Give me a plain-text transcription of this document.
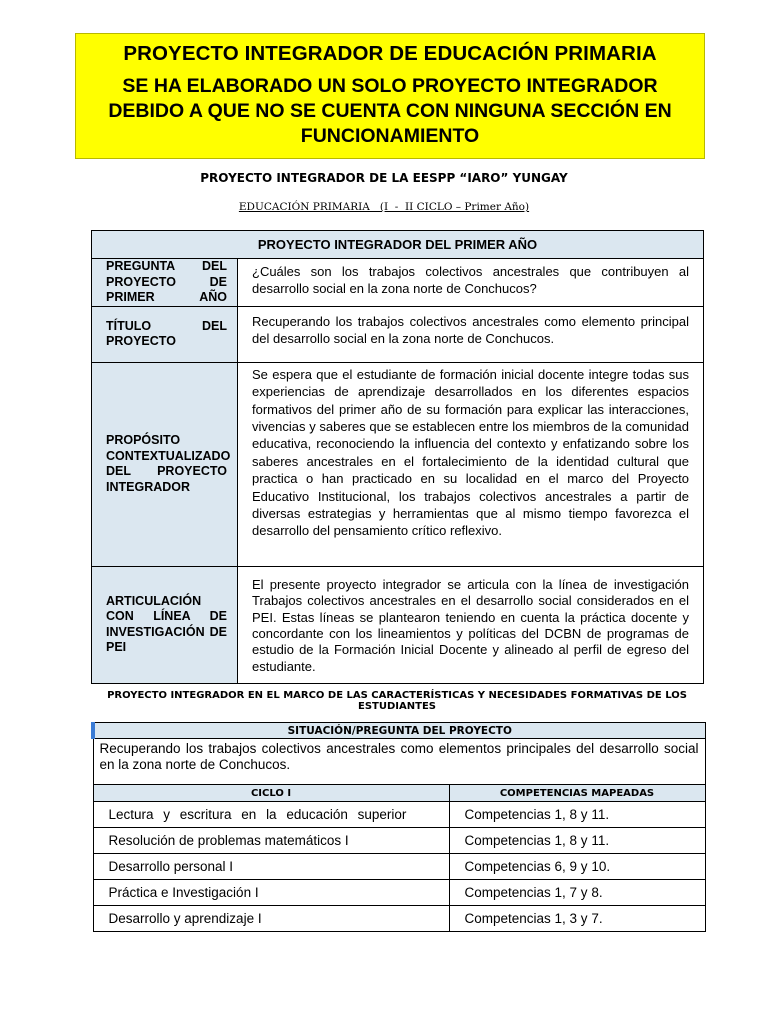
PROYECTO INTEGRADOR DE EDUCACIÓN PRIMARIA
SE HA ELABORADO UN SOLO PROYECTO INTEGRADOR
DEBIDO A QUE NO SE CUENTA CON NINGUNA SECCIÓN EN
FUNCIONAMIENTO
PROYECTO INTEGRADOR DE LA EESPP “IARO” YUNGAY
EDUCACIÓN PRIMARIA   (I  -  II CICLO – Primer Año)
PROYECTO INTEGRADOR DEL PRIMER AÑO	
PREGUNTA DEL PROYECTO DE PRIMER AÑO	¿Cuáles son los trabajos colectivos ancestrales que contribuyen al desarrollo social en la zona norte de Conchucos?
TÍTULO DEL PROYECTO	Recuperando los trabajos colectivos ancestrales como elemento principal del desarrollo social en la zona norte de Conchucos.
PROPÓSITO CONTEXTUALIZADO DEL PROYECTO INTEGRADOR	Se espera que el estudiante de formación inicial docente integre todas sus experiencias de aprendizaje desarrollados en los diferentes espacios formativos del primer año de su formación para explicar las interacciones, vivencias y saberes que se establecen entre los miembros de la comunidad educativa, reconociendo la influencia del contexto y enfatizando sobre los saberes ancestrales en el fortalecimiento de la identidad cultural que practica o han practicado en su localidad en el marco del Proyecto Educativo Institucional, los trabajos colectivos ancestrales a partir de diversas estrategias y herramientas que al mismo tiempo favorezca el desarrollo del pensamiento crítico reflexivo.
ARTICULACIÓN CON LÍNEA DE INVESTIGACIÓN DE PEI	El presente proyecto integrador se articula con la línea de investigación Trabajos colectivos ancestrales en el desarrollo social considerados en el PEI. Estas líneas se plantearon teniendo en cuenta la práctica docente y concordante con los lineamientos y políticas del DCBN de programas de estudio de la Formación Inicial Docente y alineado al perfil de egreso del estudiante.
PROYECTO INTEGRADOR EN EL MARCO DE LAS CARACTERÍSTICAS Y NECESIDADES FORMATIVAS DE LOS ESTUDIANTES
SITUACIÓN/PREGUNTA DEL PROYECTO	
Recuperando los trabajos colectivos ancestrales como elementos principales del desarrollo social en la zona norte de Conchucos.	
CICLO I	COMPETENCIAS MAPEADAS
Lectura y escritura en la educación superior	Competencias 1, 8 y 11.
Resolución de problemas matemáticos I	Competencias 1, 8 y 11.
Desarrollo personal I	Competencias 6, 9 y 10.
Práctica e Investigación I	Competencias 1, 7 y 8.
Desarrollo y aprendizaje I	Competencias 1, 3 y 7.
